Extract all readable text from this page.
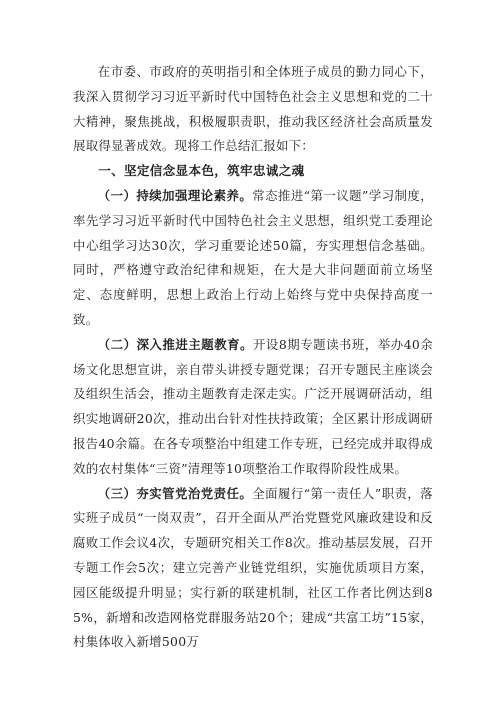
在市委、市政府的英明指引和全体班子成员的勤力同心下，我深入贯彻学习习近平新时代中国特色社会主义思想和党的二十大精神，聚焦挑战，积极履职责职，推动我区经济社会高质量发展取得显著成效。现将工作总结汇报如下：

一、坚定信念显本色，筑牢忠诚之魂

（一）持续加强理论素养。常态推进“第一议题”学习制度，率先学习习近平新时代中国特色社会主义思想，组织党工委理论中心组学习达30次，学习重要论述50篇，夯实理想信念基础。同时，严格遵守政治纪律和规矩，在大是大非问题面前立场坚定、态度鲜明，思想上政治上行动上始终与党中央保持高度一致。

（二）深入推进主题教育。开设8期专题读书班，举办40余场文化思想宣讲，亲自带头讲授专题党课；召开专题民主座谈会及组织生活会，推动主题教育走深走实。广泛开展调研活动，组织实地调研20次，推动出台针对性扶持政策；全区累计形成调研报告40余篇。在各专项整治中组建工作专班，已经完成并取得成效的农村集体“三资”清理等10项整治工作取得阶段性成果。

（三）夯实管党治党责任。全面履行“第一责任人”职责，落实班子成员“一岗双责”，召开全面从严治党暨党风廉政建设和反腐败工作会议4次，专题研究相关工作8次。推动基层发展，召开专题工作会5次；建立完善产业链党组织，实施优质项目方案，园区能级提升明显；实行新的联建机制，社区工作者比例达到85%，新增和改造网格党群服务站20个；建成“共富工坊”15家，村集体收入新增500万
